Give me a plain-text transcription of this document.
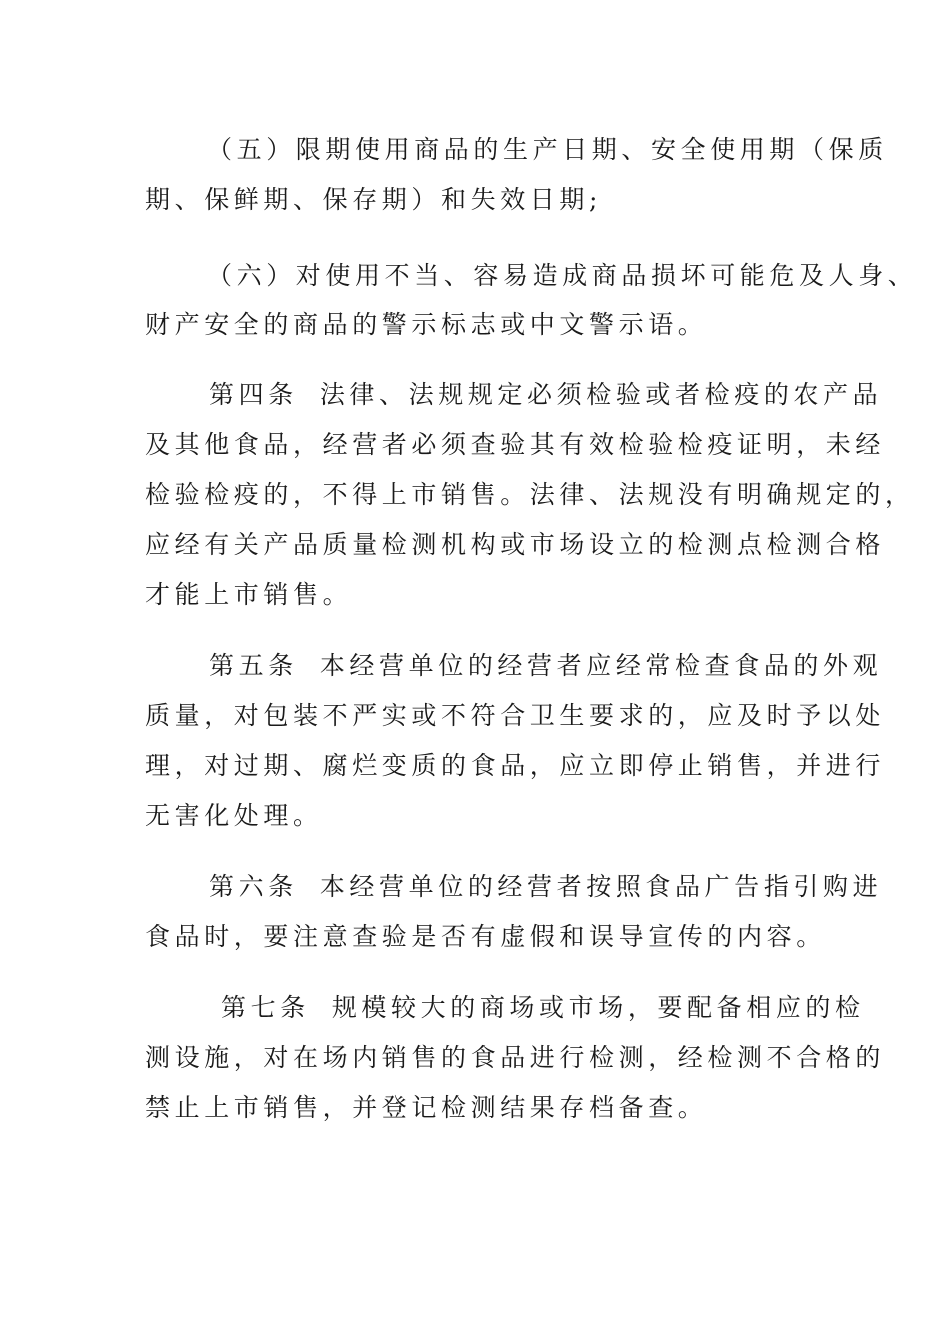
（五）限期使用商品的生产日期、安全使用期（保质
期、保鲜期、保存期）和失效日期;
（六）对使用不当、容易造成商品损坏可能危及人身、
财产安全的商品的警示标志或中文警示语。
第四条 法律、法规规定必须检验或者检疫的农产品
及其他食品，经营者必须查验其有效检验检疫证明，未经
检验检疫的，不得上市销售。法律、法规没有明确规定的，
应经有关产品质量检测机构或市场设立的检测点检测合格
才能上市销售。
第五条 本经营单位的经营者应经常检查食品的外观
质量，对包装不严实或不符合卫生要求的，应及时予以处
理，对过期、腐烂变质的食品，应立即停止销售，并进行
无害化处理。
第六条 本经营单位的经营者按照食品广告指引购进
食品时，要注意查验是否有虚假和误导宣传的内容。
第七条 规模较大的商场或市场，要配备相应的检
测设施，对在场内销售的食品进行检测，经检测不合格的
禁止上市销售，并登记检测结果存档备查。
